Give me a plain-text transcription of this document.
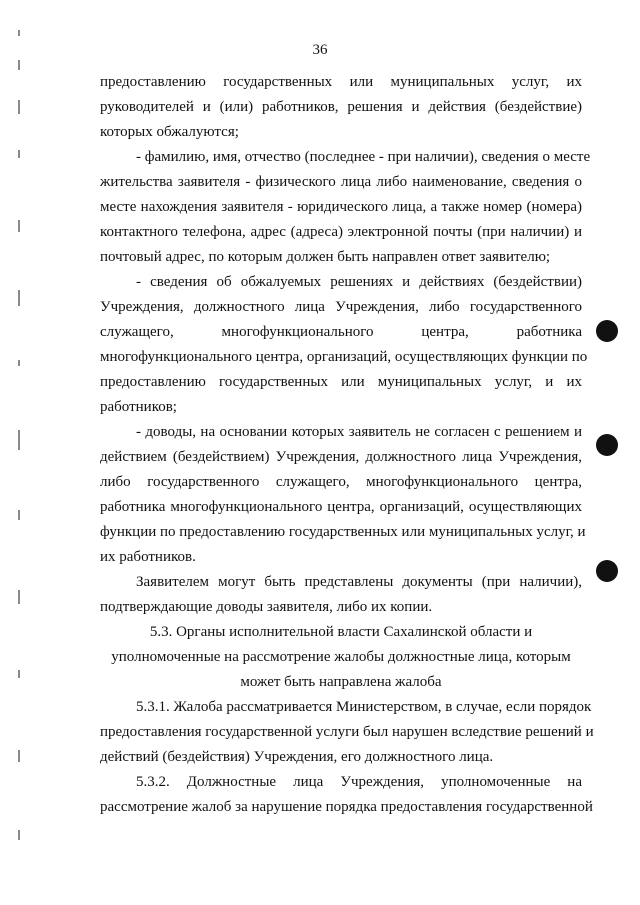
36
предоставлению государственных или муниципальных услуг, их
руководителей и (или) работников, решения и действия (бездействие)
которых обжалуются;
- фамилию, имя, отчество (последнее - при наличии), сведения о месте
жительства заявителя - физического лица либо наименование, сведения о
месте нахождения заявителя - юридического лица, а также номер (номера)
контактного телефона, адрес (адреса) электронной почты (при наличии) и
почтовый адрес, по которым должен быть направлен ответ заявителю;
- сведения об обжалуемых решениях и действиях (бездействии)
Учреждения, должностного лица Учреждения, либо государственного
служащего, многофункционального центра, работника
многофункционального центра, организаций, осуществляющих функции по
предоставлению государственных или муниципальных услуг, и их
работников;
- доводы, на основании которых заявитель не согласен с решением и
действием (бездействием) Учреждения, должностного лица Учреждения,
либо государственного служащего, многофункционального центра,
работника многофункционального центра, организаций, осуществляющих
функции по предоставлению государственных или муниципальных услуг, и
их работников.
Заявителем могут быть представлены документы (при наличии),
подтверждающие доводы заявителя, либо их копии.
5.3. Органы исполнительной власти Сахалинской области и
уполномоченные на рассмотрение жалобы должностные лица, которым
может быть направлена жалоба
5.3.1. Жалоба рассматривается Министерством, в случае, если порядок
предоставления государственной услуги был нарушен вследствие решений и
действий (бездействия) Учреждения, его должностного лица.
5.3.2. Должностные лица Учреждения, уполномоченные на
рассмотрение жалоб за нарушение порядка предоставления государственной
